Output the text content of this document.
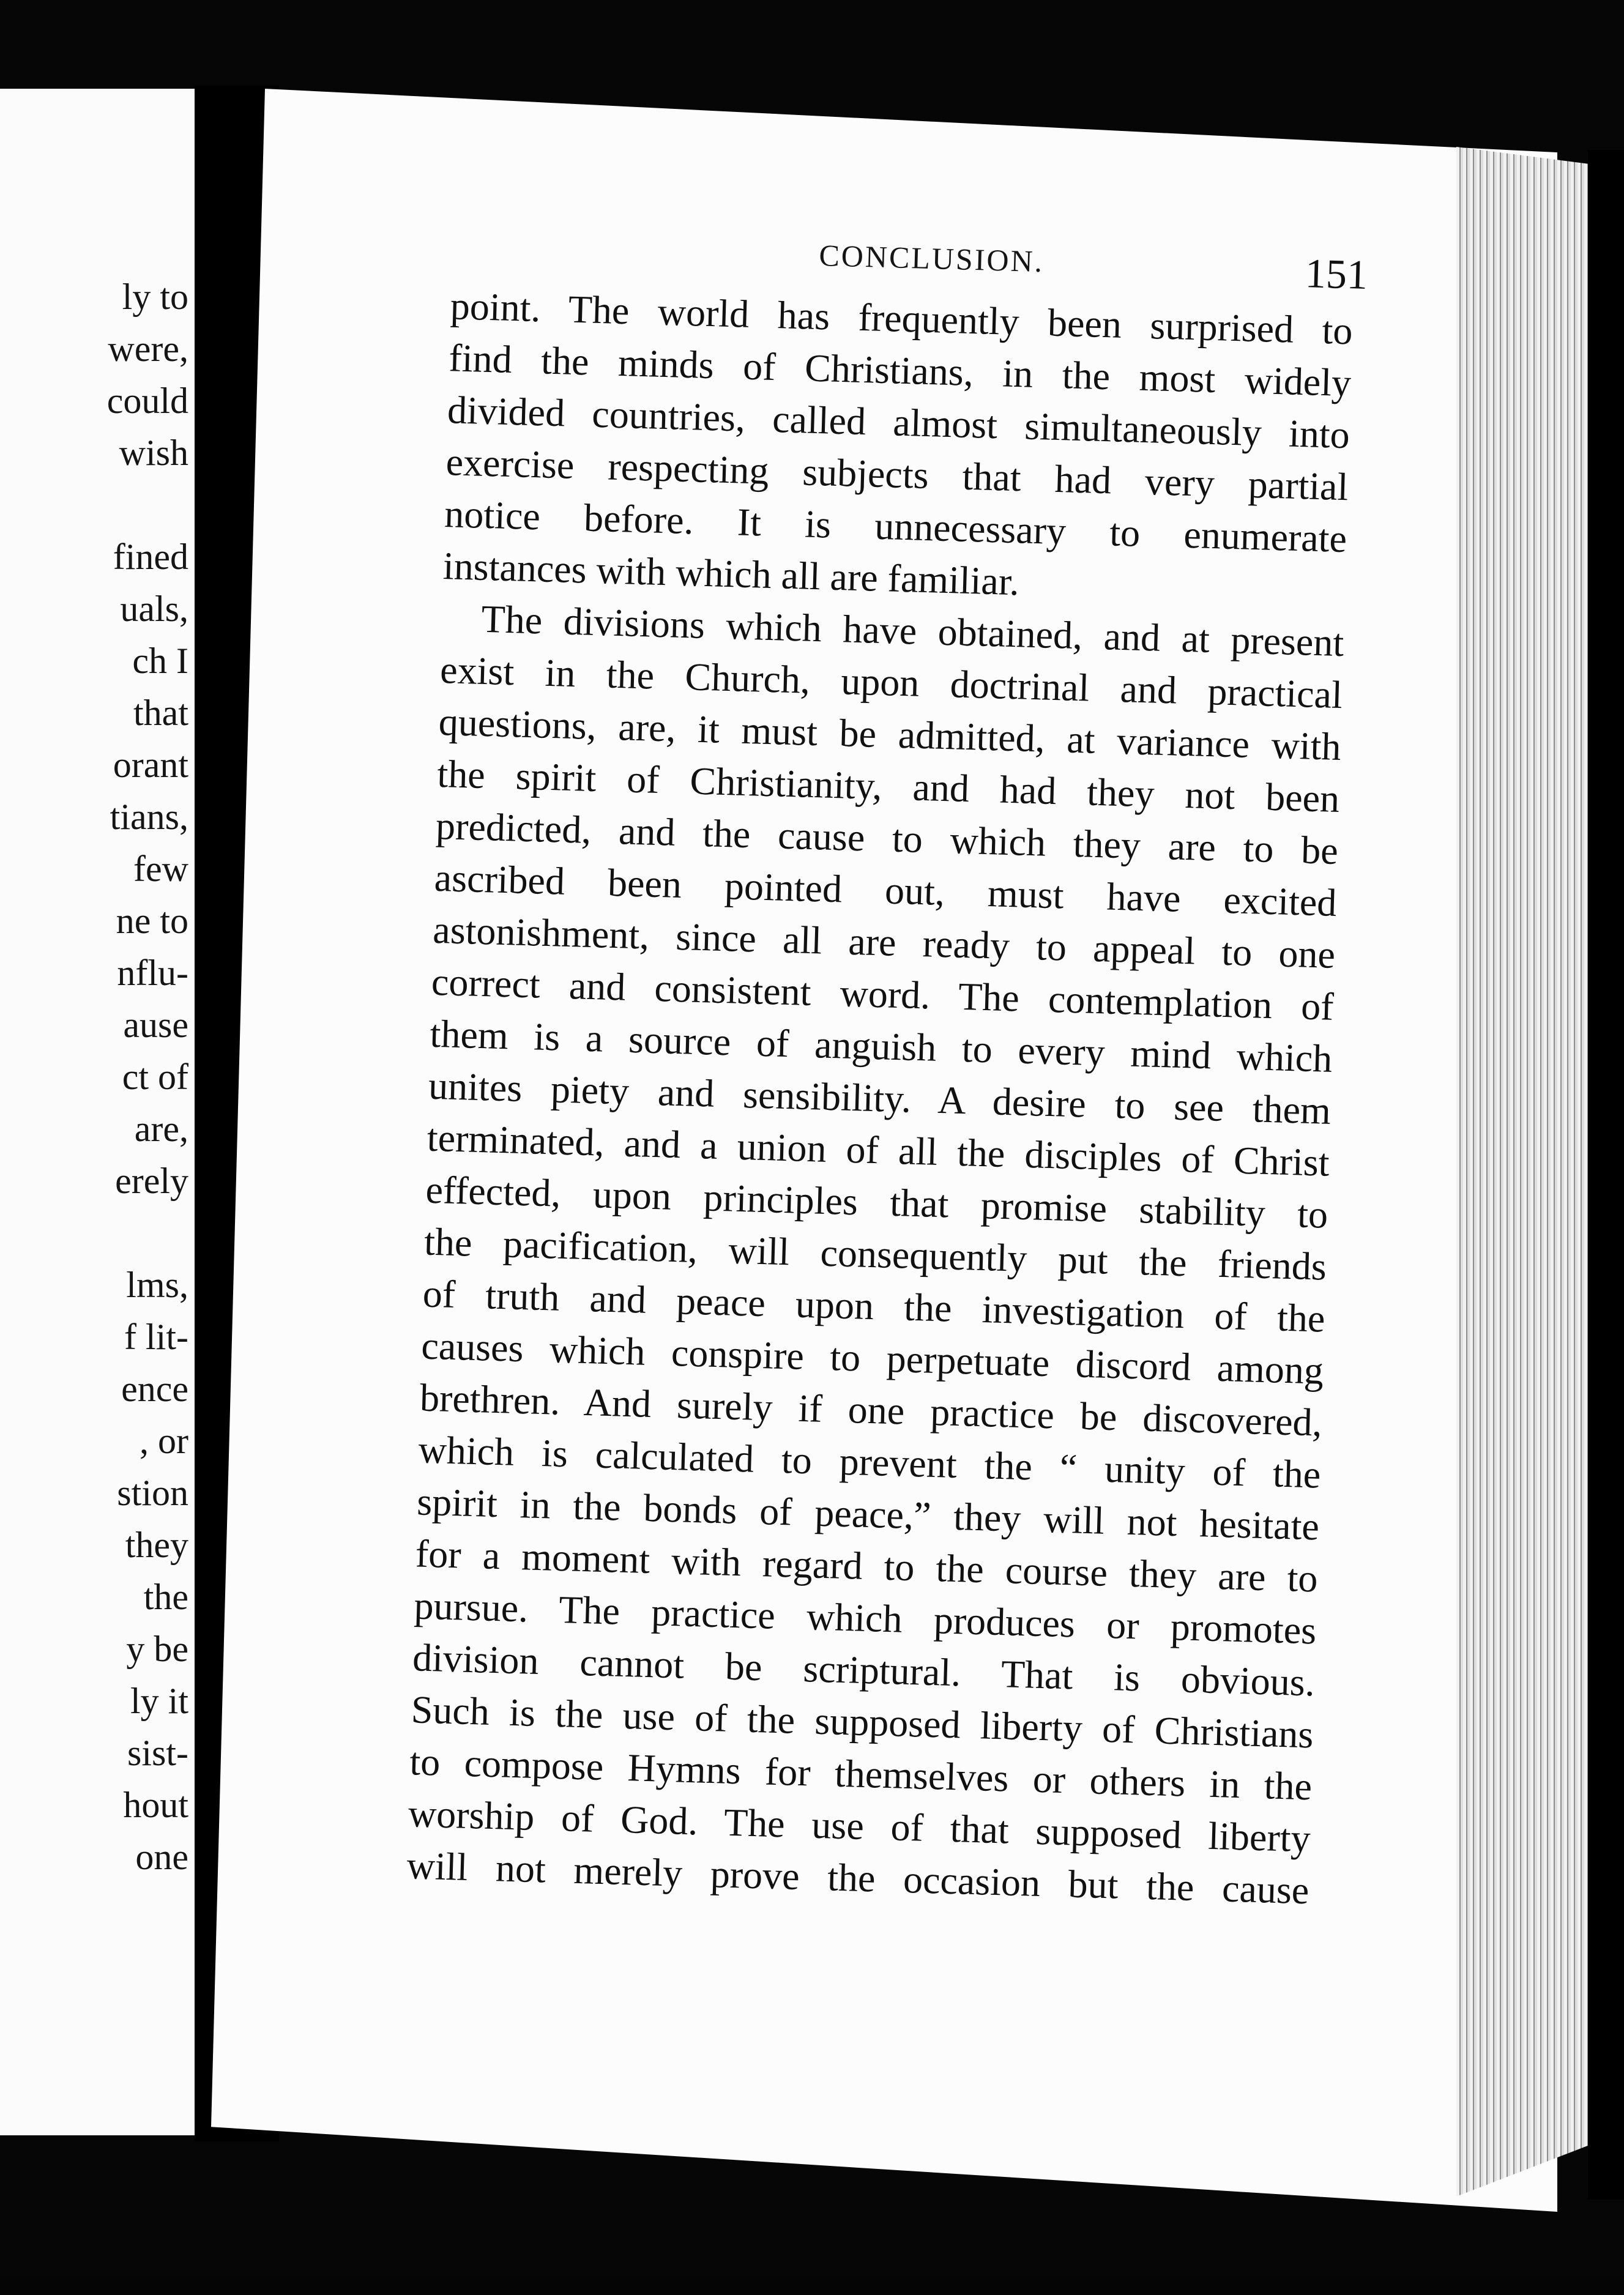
ly to
were,
could
wish
fined
uals,
ch I
that
orant
tians,
few
ne to
nflu-
ause
ct of
are,
erely
lms,
f lit-
ence
, or
stion
they
the
y be
ly it
sist-
hout
one
CONCLUSION.	151
point. The world has frequently been surprised to
find the minds of Christians, in the most widely
divided countries, called almost simultaneously into
exercise respecting subjects that had very partial
notice before. It is unnecessary to enumerate
instances with which all are familiar.
The divisions which have obtained, and at present
exist in the Church, upon doctrinal and practical
questions, are, it must be admitted, at variance with
the spirit of Christianity, and had they not been
predicted, and the cause to which they are to be
ascribed been pointed out, must have excited
astonishment, since all are ready to appeal to one
correct and consistent word. The contemplation of
them is a source of anguish to every mind which
unites piety and sensibility. A desire to see them
terminated, and a union of all the disciples of Christ
effected, upon principles that promise stability to
the pacification, will consequently put the friends
of truth and peace upon the investigation of the
causes which conspire to perpetuate discord among
brethren. And surely if one practice be discovered,
which is calculated to prevent the “ unity of the
spirit in the bonds of peace,” they will not hesitate
for a moment with regard to the course they are to
pursue. The practice which produces or promotes
division cannot be scriptural. That is obvious.
Such is the use of the supposed liberty of Christians
to compose Hymns for themselves or others in the
worship of God. The use of that supposed liberty
will not merely prove the occasion but the cause
